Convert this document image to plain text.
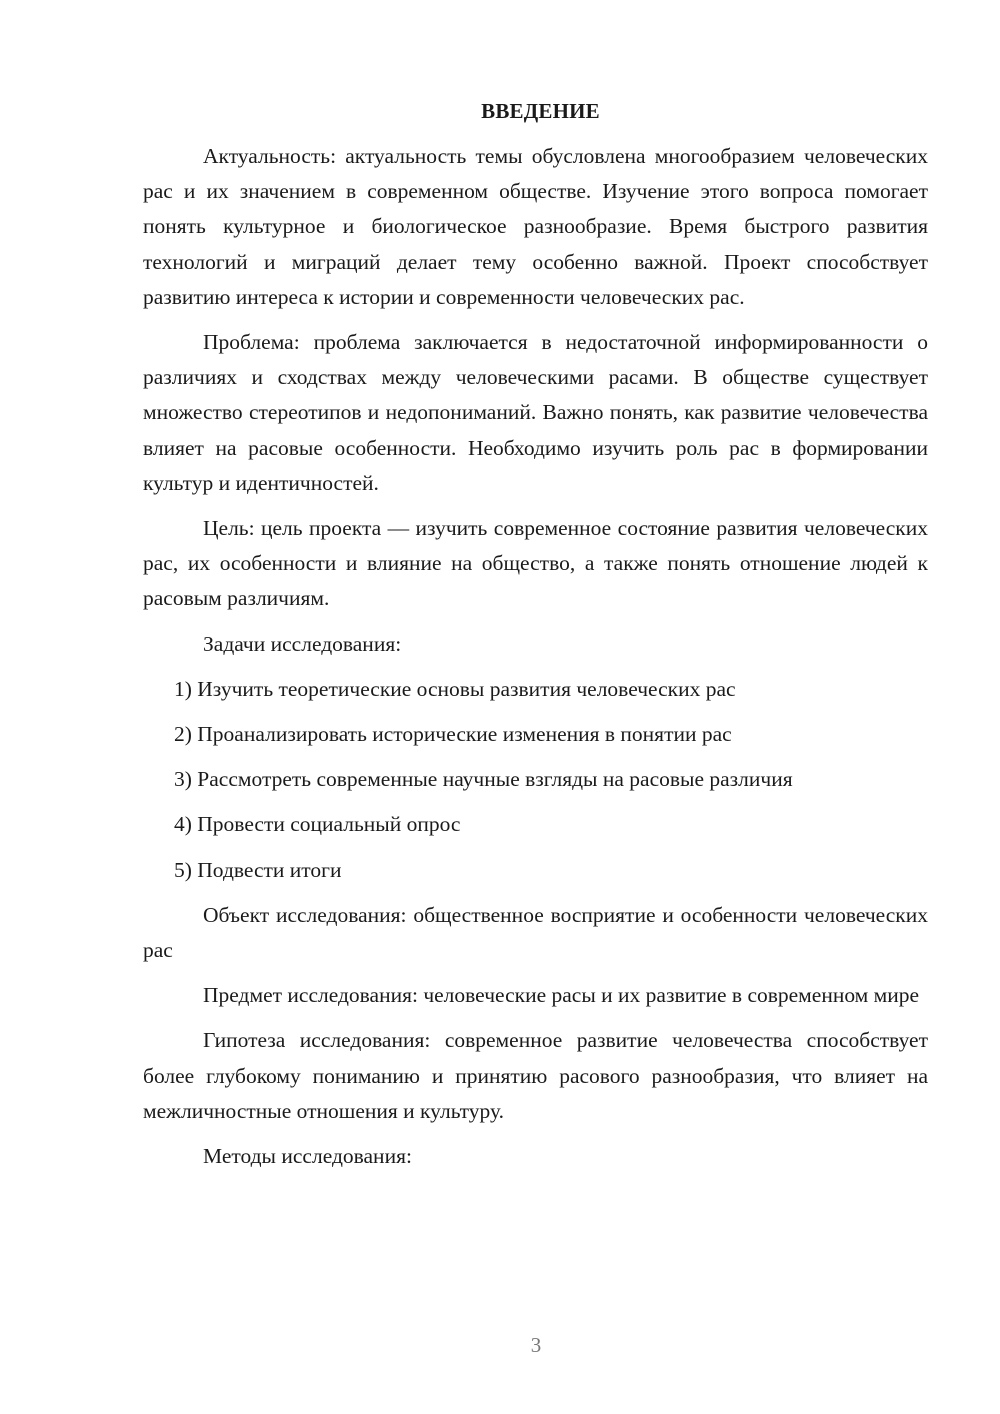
ВВЕДЕНИЕ

Актуальность: актуальность темы обусловлена многообразием человеческих рас и их значением в современном обществе. Изучение этого вопроса помогает понять культурное и биологическое разнообразие. Время быстрого развития технологий и миграций делает тему особенно важной. Проект способствует развитию интереса к истории и современности человеческих рас.

Проблема: проблема заключается в недостаточной информированности о различиях и сходствах между человеческими расами. В обществе существует множество стереотипов и недопониманий. Важно понять, как развитие человечества влияет на расовые особенности. Необходимо изучить роль рас в формировании культур и идентичностей.

Цель: цель проекта — изучить современное состояние развития человеческих рас, их особенности и влияние на общество, а также понять отношение людей к расовым различиям.

Задачи исследования:

1) Изучить теоретические основы развития человеческих рас
2) Проанализировать исторические изменения в понятии рас
3) Рассмотреть современные научные взгляды на расовые различия
4) Провести социальный опрос
5) Подвести итоги

Объект исследования: общественное восприятие и особенности человеческих рас

Предмет исследования: человеческие расы и их развитие в современном мире

Гипотеза исследования: современное развитие человечества способствует более глубокому пониманию и принятию расового разнообразия, что влияет на межличностные отношения и культуру.

Методы исследования:

3
